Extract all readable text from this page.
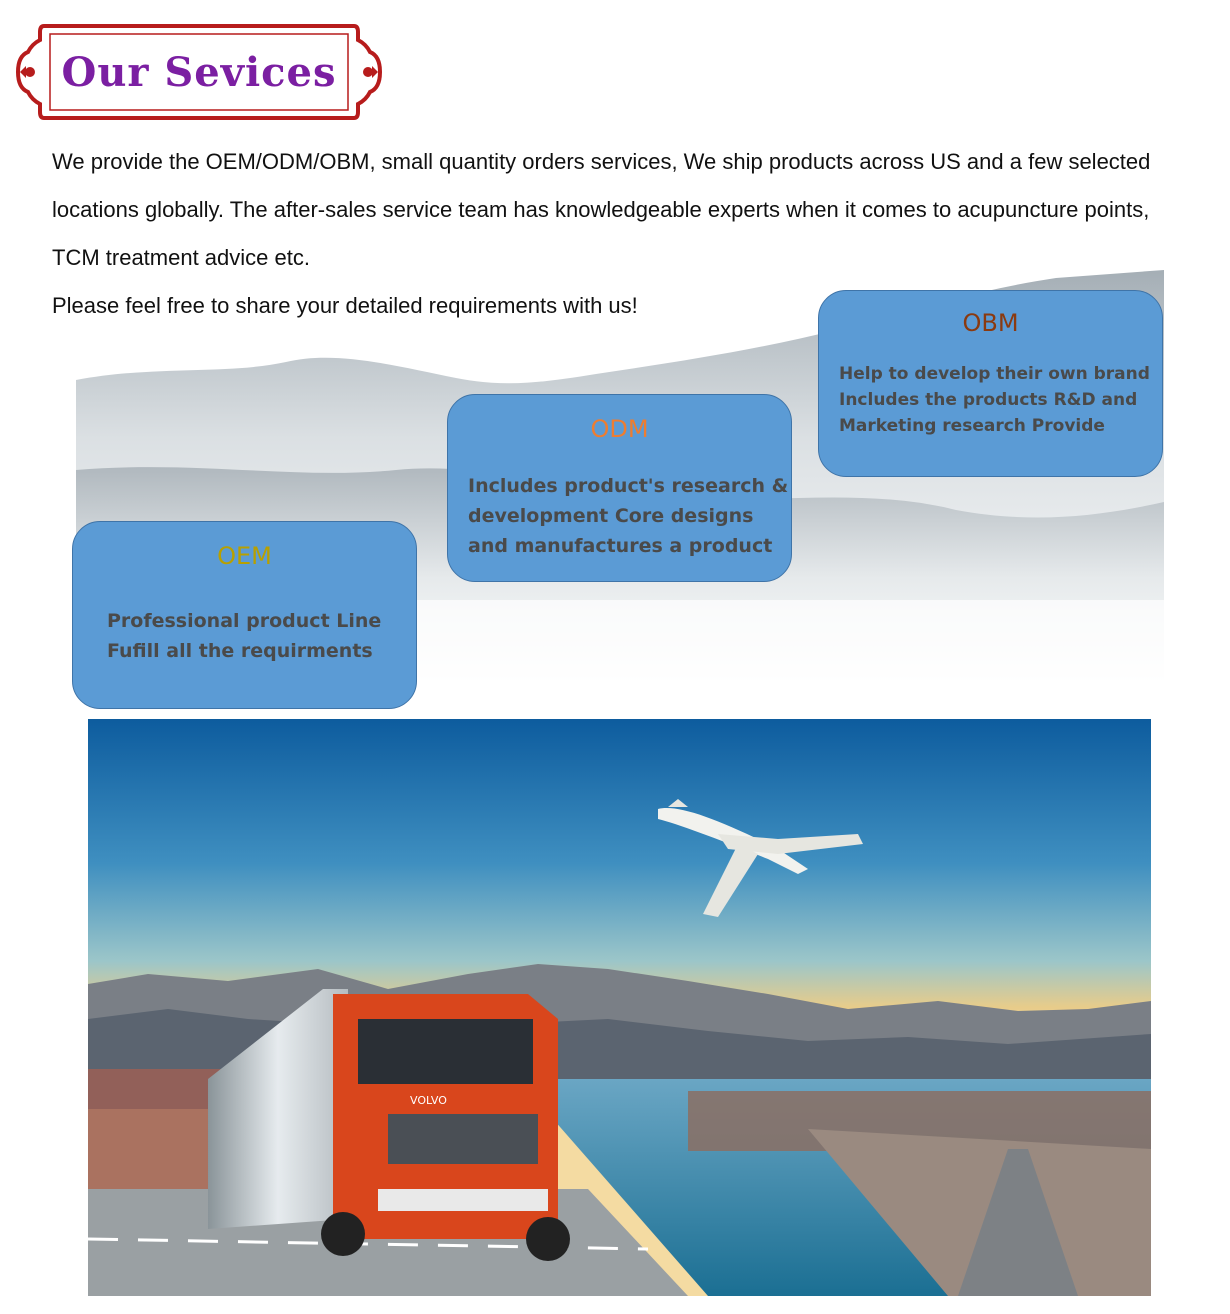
Our Sevices

We provide the OEM/ODM/OBM, small quantity orders services, We ship products across US and a few selected locations globally. The after-sales service team has knowledgeable experts when it comes to acupuncture points, TCM treatment advice etc.

Please feel free to share your detailed requirements with us!

OBM
Help to develop their own brand
Includes the products R&D and
Marketing research Provide
ODM
Includes product's research &
development Core designs
and manufactures a product
OEM
Professional product Line
Fufill all the requirments
VOLVO
